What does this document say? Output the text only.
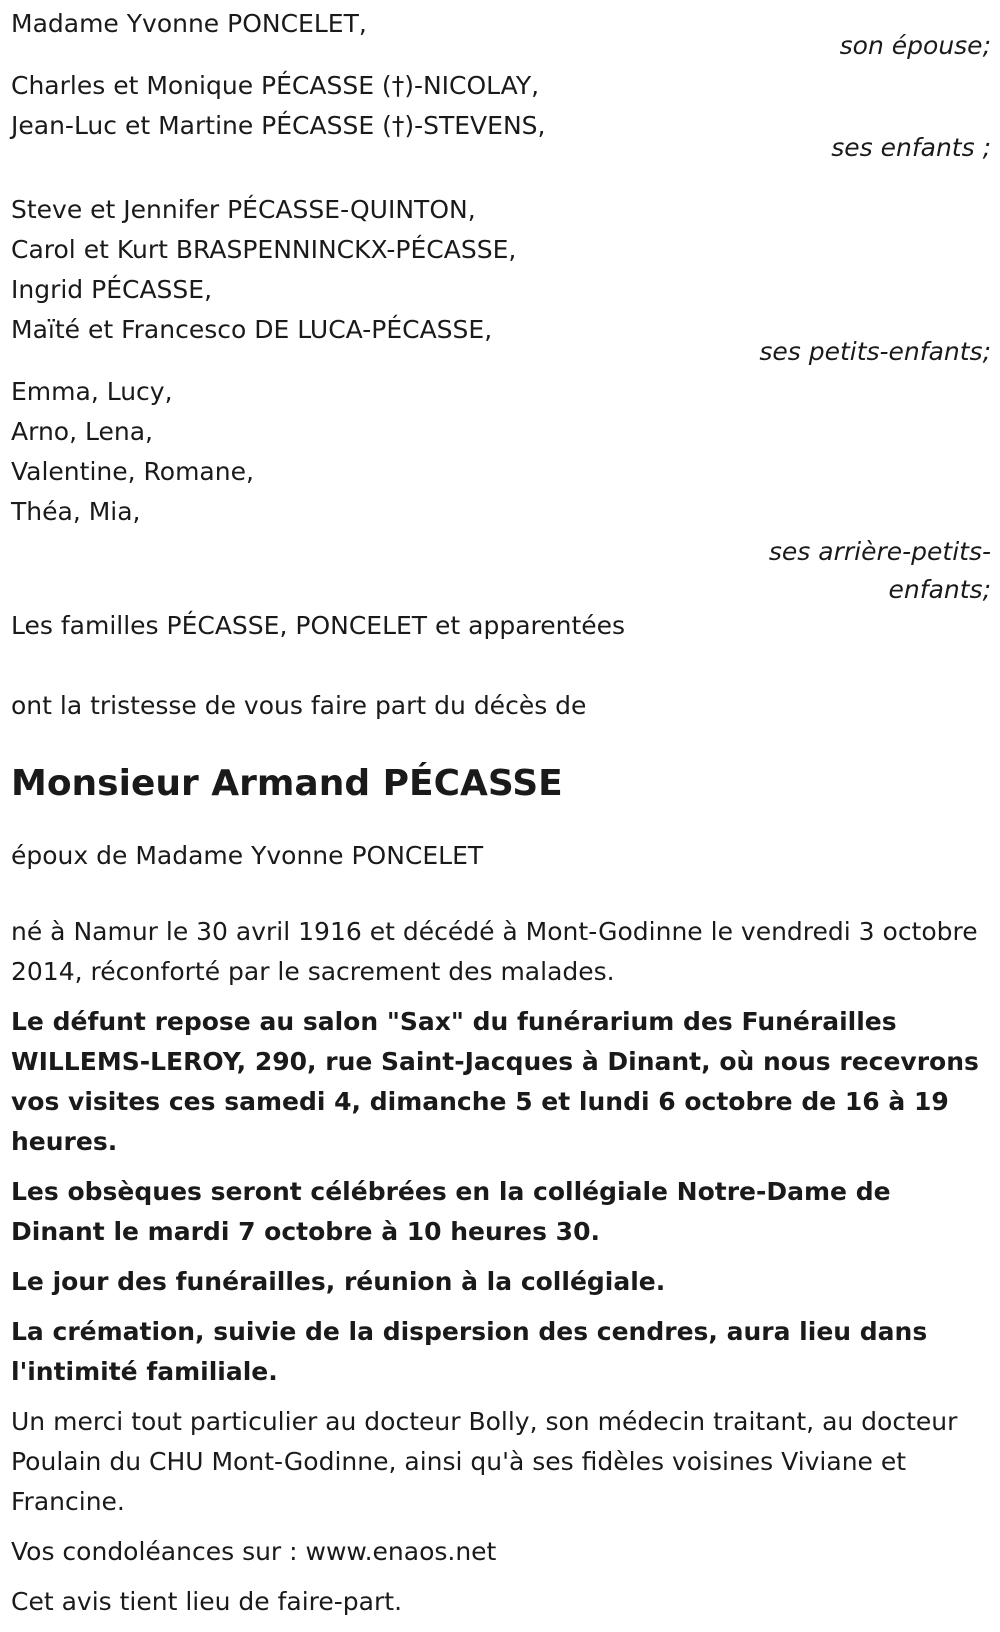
Madame Yvonne PONCELET,
son épouse;
Charles et Monique PÉCASSE (†)-NICOLAY,
Jean-Luc et Martine PÉCASSE (†)-STEVENS,
ses enfants ;
Steve et Jennifer PÉCASSE-QUINTON,
Carol et Kurt BRASPENNINCKX-PÉCASSE,
Ingrid PÉCASSE,
Maïté et Francesco DE LUCA-PÉCASSE,
ses petits-enfants;
Emma, Lucy,
Arno, Lena,
Valentine, Romane,
Théa, Mia,
ses arrière-petits-
enfants;
Les familles PÉCASSE, PONCELET et apparentées
ont la tristesse de vous faire part du décès de
Monsieur Armand PÉCASSE
époux de Madame Yvonne PONCELET

né à Namur le 30 avril 1916 et décédé à Mont-Godinne le vendredi 3 octobre 2014, réconforté par le sacrement des malades.

Le défunt repose au salon "Sax" du funérarium des Funérailles WILLEMS-LEROY, 290, rue Saint-Jacques à Dinant, où nous recevrons vos visites ces samedi 4, dimanche 5 et lundi 6 octobre de 16 à 19 heures.

Les obsèques seront célébrées en la collégiale Notre-Dame de Dinant le mardi 7 octobre à 10 heures 30.

Le jour des funérailles, réunion à la collégiale.

La crémation, suivie de la dispersion des cendres, aura lieu dans l'intimité familiale.

Un merci tout particulier au docteur Bolly, son médecin traitant, au docteur Poulain du CHU Mont-Godinne, ainsi qu'à ses fidèles voisines Viviane et Francine.

Vos condoléances sur : www.enaos.net

Cet avis tient lieu de faire-part.
